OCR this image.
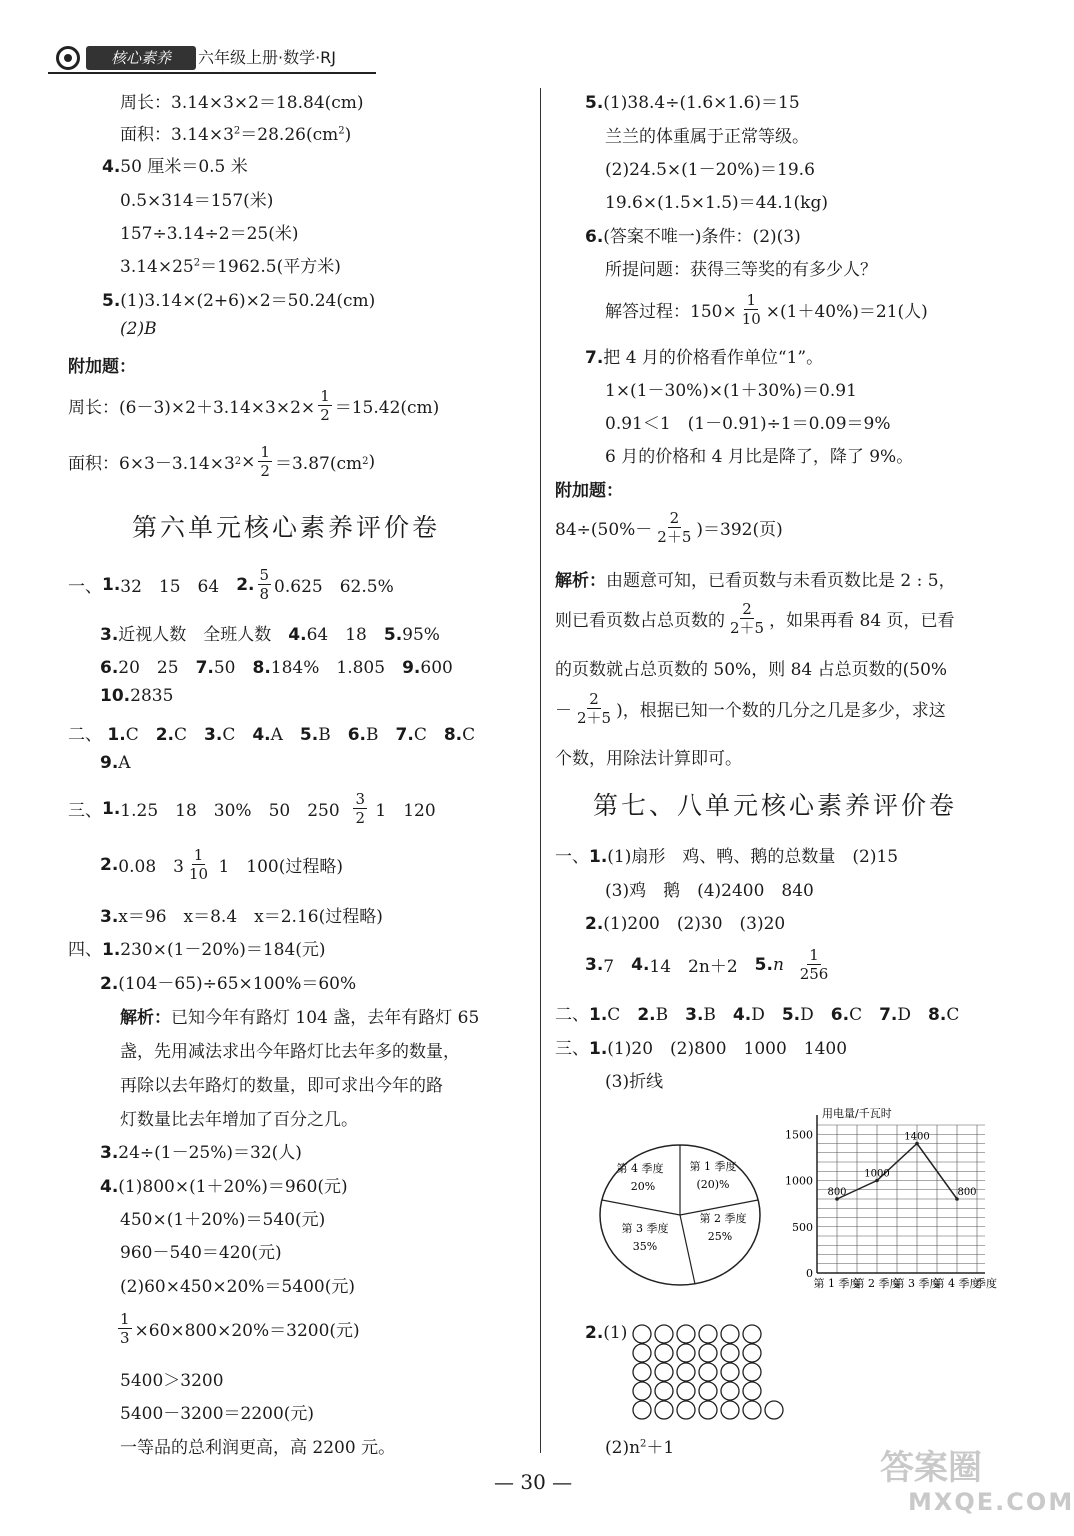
核心素养	六年级上册·数学·RJ
周长：3.14×3×2＝18.84(cm)
面积：$3.14\times 3^2=28.26(cm^2)$
4.50 厘米＝0.5 米
0.5×314＝157(米)
157÷3.14÷2＝25(米)
$3.14\times 25^2=1962.5$(平方米)
5.(1)3.14×(2+6)×2＝50.24(cm)
(2)B
附加题：
周长：$(6-3)\times 2+3.14\times 3\times 2\times \frac{1}{2} =15.42(cm)$
面积：6×3－3.14×3 $2 \times \frac{1}{2} =3.87(cm$ 2 )
第六单元核心素养评价卷
一、 1. 32　15　64　 2. $\frac{5}{8} 0.625$　62.5%
3.近视人数　全班人数　4.64　18　5.95%
6.20　25　7.50　8.184%　1.805　9.600
10.2835
二、 1.C　2.C　3.C　4.A　5.B　6.B　7.C　8.C　
9.A
三、 1. 1.25　18　30%　50　250
$\frac{3}{2}$
1　120
2. 0.08　$3 \frac{1}{10}$
1　100(过程略)
3.x＝96　x＝8.4　x＝2.16(过程略)
四、1.230×(1－20%)＝184(元)
2.(104－65)÷65×100%＝60%
解析：已知今年有路灯 104 盏，去年有路灯 65
盏，先用减法求出今年路灯比去年多的数量，
再除以去年路灯的数量，即可求出今年的路
灯数量比去年增加了百分之几。
3.24÷(1－25%)＝32(人)
4.(1)800×(1＋20%)＝960(元)
450×(1＋20%)＝540(元)
960－540＝420(元)
(2)60×450×20%＝5400(元)
$\frac{1}{3} \times 60\times 800\times 20\%=3200$(元)
5400＞3200
5400－3200＝2200(元)
一等品的总利润更高，高 2200 元。
5.(1)38.4÷(1.6×1.6)＝15
兰兰的体重属于正常等级。
(2)24.5×(1－20%)＝19.6
19.6×(1.5×1.5)＝44.1(kg)
6.(答案不唯一)条件：(2)(3)
所提问题：获得三等奖的有多少人？
解答过程：$150\times \frac{1}{10} \times(1+40\%)=21$(人)
7.把 4 月的价格看作单位“1”。
1×(1－30%)×(1＋30%)＝0.91
0.91＜1　(1－0.91)÷1＝0.09＝9%
6 月的价格和 4 月比是降了，降了 9%。
附加题：
$84\div(50\%- \frac{2}{2+5} )=392$(页)
解析：由题意可知，已看页数与未看页数比是 2 : 5，
则已看页数占总页数的 $\frac{2}{2+5}$ ，如果再看 84 页，已看
的页数就占总页数的 50%，则 84 占总页数的(50%
－ $\frac{2}{2+5}$ )，根据已知一个数的几分之几是多少，求这
个数，用除法计算即可。
第七、八单元核心素养评价卷
一、1.(1)扇形　鸡、鸭、鹅的总数量　(2)15
(3)鸡　鹅　(4)2400　840
2.(1)200　(2)30　(3)20
3. 7　 4. 14　2n＋2　 5. n
$\frac{1}{256}$
二、1.C　2.B　3.B　4.D　5.D　6.C　7.D　8.C　
三、1.(1)20　(2)800　1000　1400
(3)折线
第 4 季度
20%
第 1 季度
(20)%
第 2 季度
25%
第 3 季度
35%
用电量/千瓦时
季度
0
500
1000
1500
第 1 季度
第 2 季度
第 3 季度
第 4 季度
800
1000
1400
800
2.(1)
$(2)n^2+1$
— 30 —	答案圈
MXQE.COM
